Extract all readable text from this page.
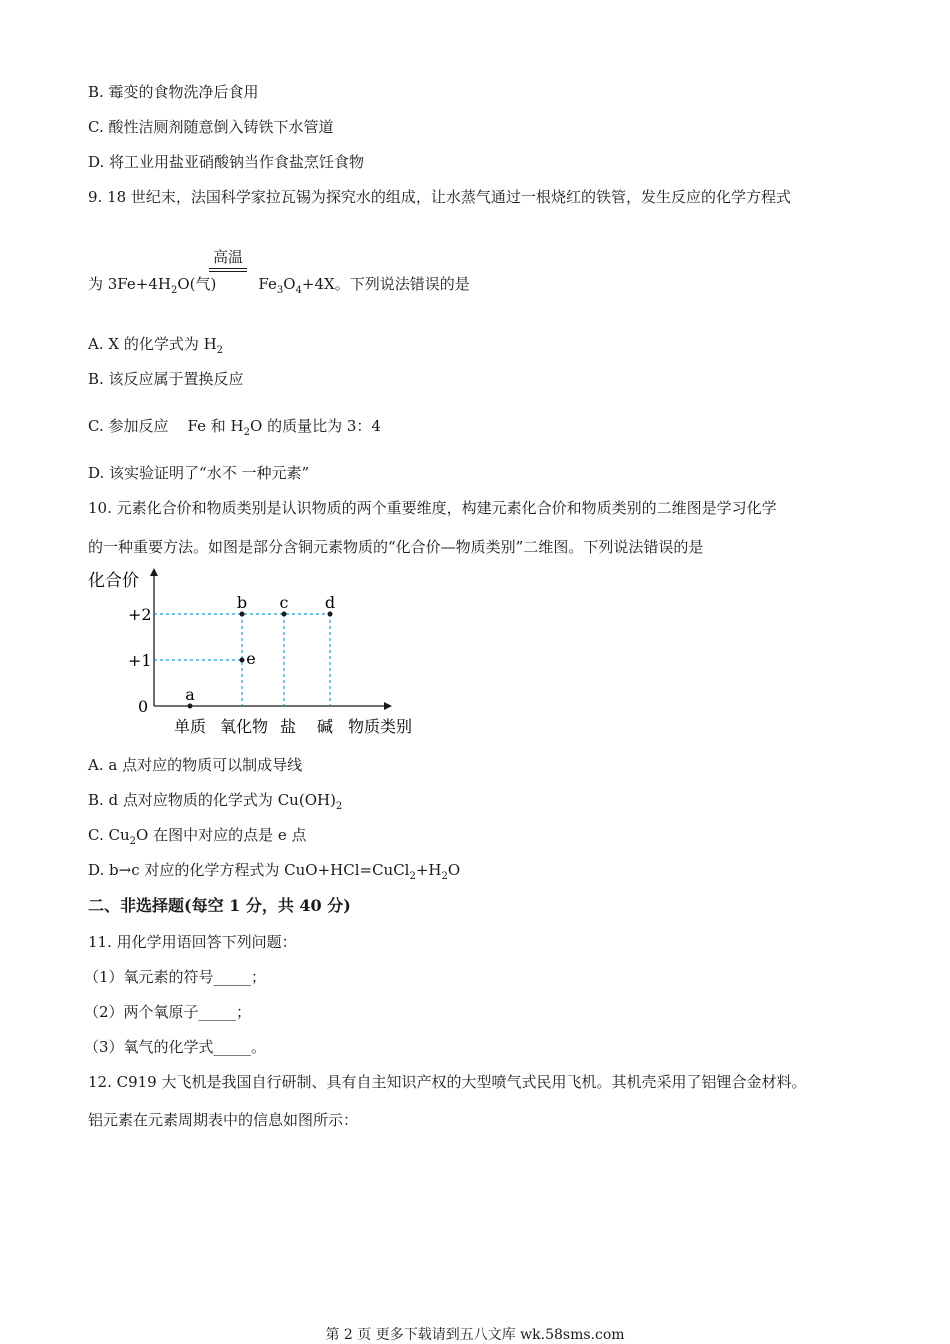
B. 霉变的食物洗净后食用
C. 酸性洁厕剂随意倒入铸铁下水管道
D. 将工业用盐亚硝酸钠当作食盐烹饪食物
9. 18 世纪末，法国科学家拉瓦锡为探究水的组成，让水蒸气通过一根烧红的铁管，发生反应的化学方程式
高温
为 $3Fe+4H_2O$(气)	$Fe_3O_4+4X$。下列说法错误的是
A. X 的化学式为 $H_2$
B. 该反应属于置换反应
C. 参加反应    Fe 和 $H_2O$ 的质量比为 3：4
D. 该实验证明了“水不 一种元素”
10. 元素化合价和物质类别是认识物质的两个重要维度，构建元素化合价和物质类别的二维图是学习化学
的一种重要方法。如图是部分含铜元素物质的“化合价—物质类别”二维图。下列说法错误的是
化合价
物质类别
0
+1
+2
单质 氧化物 盐 碱
a
e
b c d
A. a 点对应的物质可以制成导线
B. d 点对应物质的化学式为 $Cu(OH)_2$
C. $Cu_2O$ 在图中对应的点是 e 点
D. b→c 对应的化学方程式为 $CuO+HCl=CuCl_2+H_2O$
二、非选择题(每空 1 分，共 40 分)
11. 用化学用语回答下列问题：
（1）氧元素的符号_____；
（2）两个氧原子_____；
（3）氧气的化学式_____。
12. C919 大飞机是我国自行研制、具有自主知识产权的大型喷气式民用飞机。其机壳采用了铝锂合金材料。
铝元素在元素周期表中的信息如图所示：
第 2 页 更多下载请到五八文库 wk.58sms.com
